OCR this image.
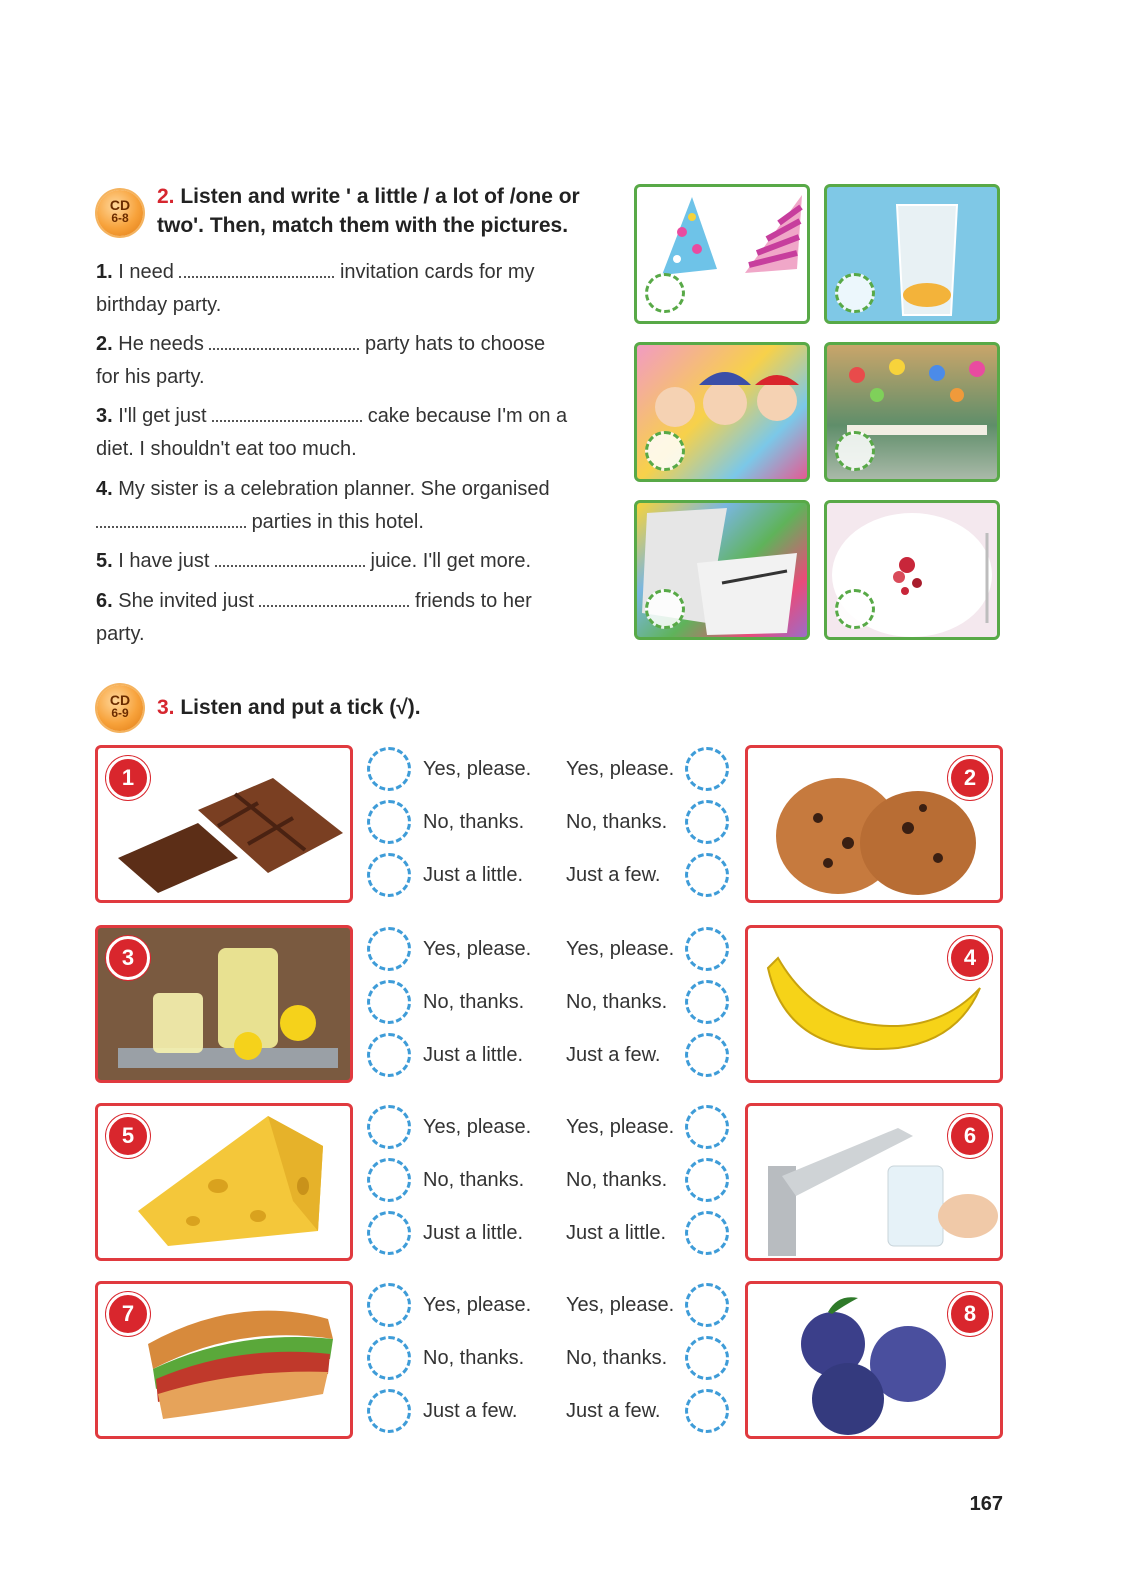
CD
6-8
2. Listen and write ' a little / a lot of /one or
two'. Then, match them with the pictures.
1. I need	invitation cards for my
birthday party.
2. He needs	party hats to choose
for his party.
3. I'll get just	cake because I'm on a
diet. I shouldn't eat too much.
4. My sister is a celebration planner. She organised
parties in this hotel.
5. I have just	juice. I'll get more.
6. She invited just	friends to her
party.
CD
6-9	3. Listen and put a tick (√).
1	2
3	4
5	6
7	8
Yes, please. Yes, please.
No, thanks. No, thanks.
Just a little. Just a few.
Yes, please. Yes, please.
No, thanks. No, thanks.
Just a little. Just a few.
Yes, please. Yes, please.
No, thanks. No, thanks.
Just a little. Just a little.
Yes, please. Yes, please.
No, thanks. No, thanks.
Just a few. Just a few.
167
